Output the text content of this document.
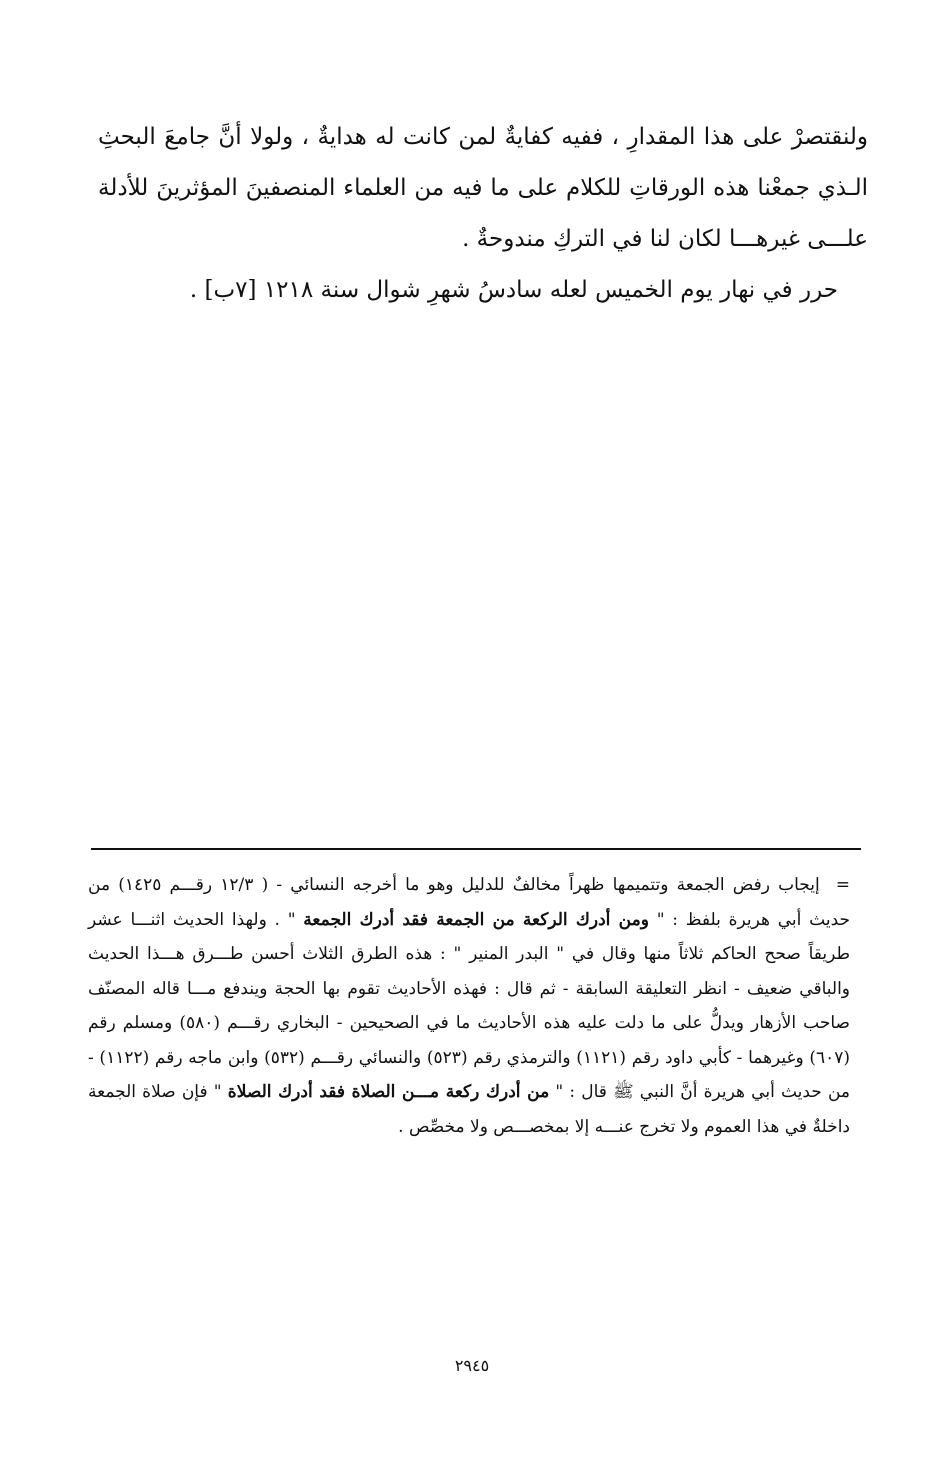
ولنقتصرْ على هذا المقدارِ ، ففيه كفايةٌ لمن كانت له هدايةٌ ، ولولا أنَّ جامعَ البحثِ الـذي جمعْنا هذه الورقاتِ للكلام على ما فيه من العلماء المنصفينَ المؤثرينَ للأدلة علـــى غيرهـــا لكان لنا في التركِ مندوحةٌ .

حرر في نهار يوم الخميس لعله سادسُ شهرِ شوال سنة ١٢١٨ [٧ب] .

=إيجاب رفض الجمعة وتتميمها ظهراً مخالفٌ للدليل وهو ما أخرجه النسائي - ( ١٢/٣ رقـــم ١٤٢٥) من حديث أبي هريرة بلفظ : " ومن أدرك الركعة من الجمعة فقد أدرك الجمعة " . ولهذا الحديث اثنـــا عشر طريقاً صحح الحاكم ثلاثاً منها وقال في " البدر المنير " : هذه الطرق الثلاث أحسن طـــرق هـــذا الحديث والباقي ضعيف - انظر التعليقة السابقة - ثم قال : فهذه الأحاديث تقوم بها الحجة ويندفع مـــا قاله المصنّف صاحب الأزهار ويدلُّ على ما دلت عليه هذه الأحاديث ما في الصحيحين - البخاري رقـــم (٥٨٠) ومسلم رقم (٦٠٧) وغيرهما - كأبي داود رقم (١١٢١) والترمذي رقم (٥٢٣) والنسائي رقـــم (٥٣٢) وابن ماجه رقم (١١٢٢) - من حديث أبي هريرة أنَّ النبي ﷺ قال : " من أدرك ركعة مـــن الصلاة فقد أدرك الصلاة " فإن صلاة الجمعة داخلةٌ في هذا العموم ولا تخرج عنـــه إلا بمخصـــص ولا مخصِّص .
٢٩٤٥
